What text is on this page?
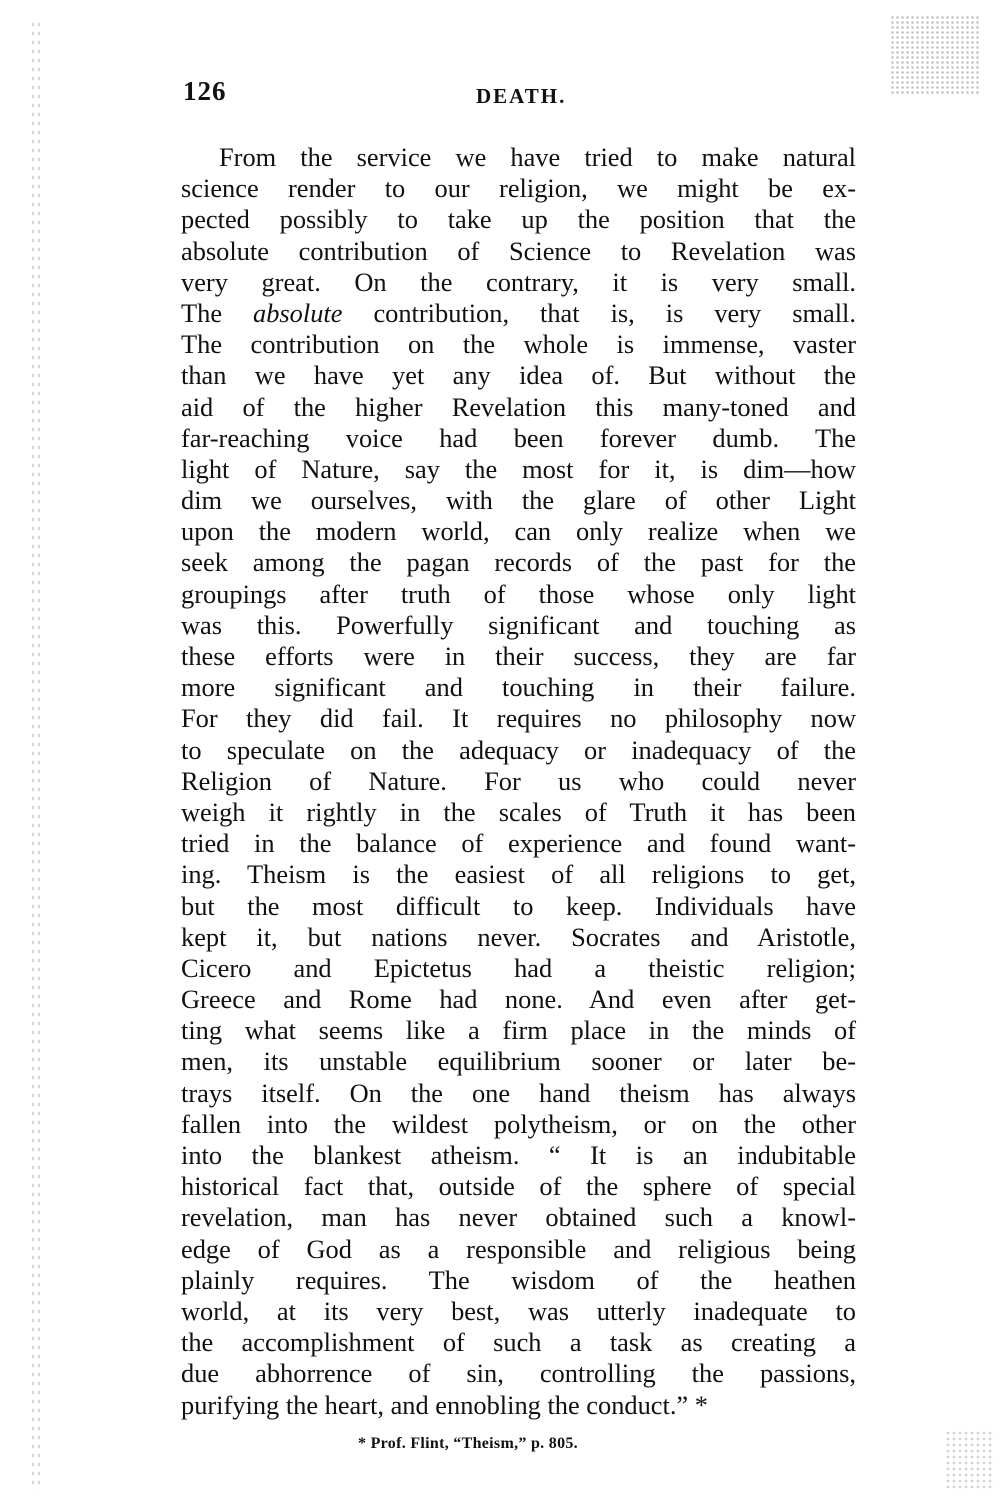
126	DEATH.
From the service we have tried to make natural
science render to our religion, we might be ex-
pected possibly to take up the position that the
absolute contribution of Science to Revelation was
very great. On the contrary, it is very small.
The absolute contribution, that is, is very small.
The contribution on the whole is immense, vaster
than we have yet any idea of. But without the
aid of the higher Revelation this many-toned and
far-reaching voice had been forever dumb. The
light of Nature, say the most for it, is dim—how
dim we ourselves, with the glare of other Light
upon the modern world, can only realize when we
seek among the pagan records of the past for the
groupings after truth of those whose only light
was this. Powerfully significant and touching as
these efforts were in their success, they are far
more significant and touching in their failure.
For they did fail. It requires no philosophy now
to speculate on the adequacy or inadequacy of the
Religion of Nature. For us who could never
weigh it rightly in the scales of Truth it has been
tried in the balance of experience and found want-
ing. Theism is the easiest of all religions to get,
but the most difficult to keep. Individuals have
kept it, but nations never. Socrates and Aristotle,
Cicero and Epictetus had a theistic religion;
Greece and Rome had none. And even after get-
ting what seems like a firm place in the minds of
men, its unstable equilibrium sooner or later be-
trays itself. On the one hand theism has always
fallen into the wildest polytheism, or on the other
into the blankest atheism. “ It is an indubitable
historical fact that, outside of the sphere of special
revelation, man has never obtained such a knowl-
edge of God as a responsible and religious being
plainly requires. The wisdom of the heathen
world, at its very best, was utterly inadequate to
the accomplishment of such a task as creating a
due abhorrence of sin, controlling the passions,
purifying the heart, and ennobling the conduct.” *
* Prof. Flint, “Theism,” p. 805.
